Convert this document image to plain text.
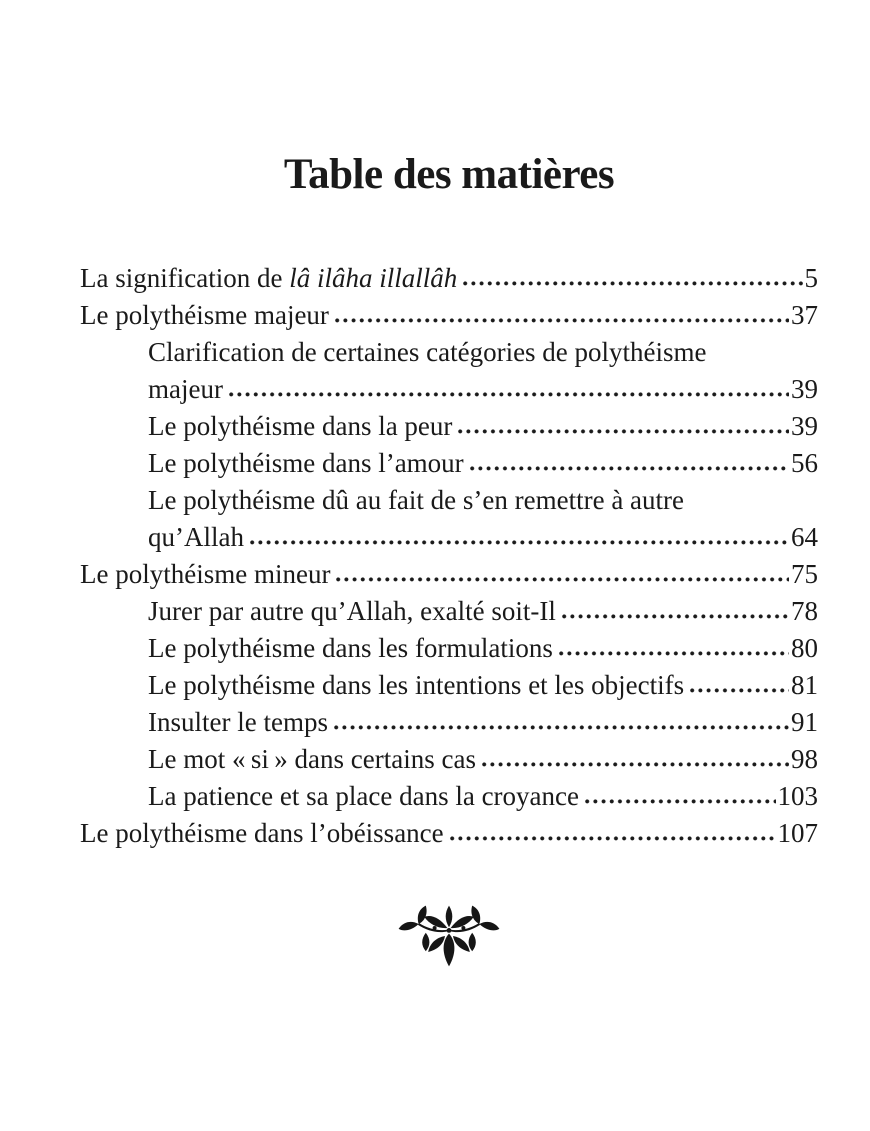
Table des matières
La signification de lâ ilâha illallâh	5
Le polythéisme majeur	37
Clarification de certaines catégories de polythéisme
majeur	39
Le polythéisme dans la peur	39
Le polythéisme dans l’amour	56
Le polythéisme dû au fait de s’en remettre à autre
qu’Allah	64
Le polythéisme mineur	75
Jurer par autre qu’Allah, exalté soit-Il	78
Le polythéisme dans les formulations	80
Le polythéisme dans les intentions et les objectifs	81
Insulter le temps	91
Le mot « si » dans certains cas	98
La patience et sa place dans la croyance	103
Le polythéisme dans l’obéissance	107
